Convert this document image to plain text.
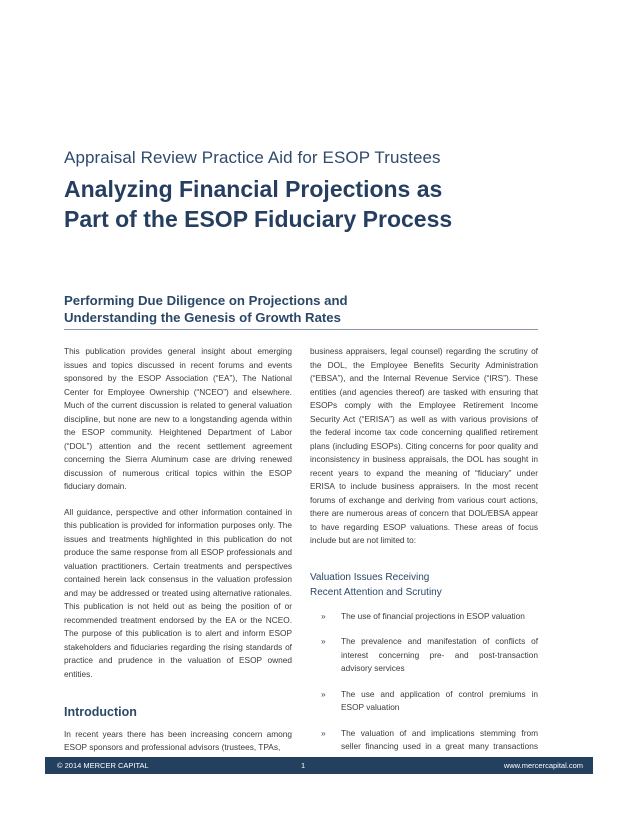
Appraisal Review Practice Aid for ESOP Trustees
Analyzing Financial Projections as
Part of the ESOP Fiduciary Process
Performing Due Diligence on Projections and
Understanding the Genesis of Growth Rates

This publication provides general insight about emerging issues and topics discussed in recent forums and events sponsored by the ESOP Association (“EA”), The National Center for Employee Ownership (“NCEO”) and elsewhere. Much of the current discussion is related to general valuation discipline, but none are new to a longstanding agenda within the ESOP community. Heightened Department of Labor (“DOL”) attention and the recent settlement agreement concerning the Sierra Aluminum case are driving renewed discussion of numerous critical topics within the ESOP fiduciary domain.

All guidance, perspective and other information contained in this publication is provided for information purposes only. The issues and treatments highlighted in this publication do not produce the same response from all ESOP professionals and valuation practitioners. Certain treatments and perspectives contained herein lack consensus in the valuation profession and may be addressed or treated using alternative rationales. This publication is not held out as being the position of or recommended treatment endorsed by the EA or the NCEO. The purpose of this publication is to alert and inform ESOP stakeholders and fiduciaries regarding the rising standards of practice and prudence in the valuation of ESOP owned entities.

Introduction

In recent years there has been increasing concern among ESOP sponsors and professional advisors (trustees, TPAs,

business appraisers, legal counsel) regarding the scrutiny of the DOL, the Employee Benefits Security Administration (“EBSA”), and the Internal Revenue Service (“IRS”). These entities (and agencies thereof) are tasked with ensuring that ESOPs comply with the Employee Retirement Income Security Act (“ERISA”) as well as with various provisions of the federal income tax code concerning qualified retirement plans (including ESOPs). Citing concerns for poor quality and inconsistency in business appraisals, the DOL has sought in recent years to expand the meaning of “fiduciary” under ERISA to include business appraisers. In the most recent forums of exchange and deriving from various court actions, there are numerous areas of concern that DOL/EBSA appear to have regarding ESOP valuations. These areas of focus include but are not limited to:

Valuation Issues Receiving
Recent Attention and Scrutiny
» The use of financial projections in ESOP valuation
» The prevalence and manifestation of conflicts of interest concerning pre- and post-transaction advisory services
» The use and application of control premiums in ESOP valuation
» The valuation of and implications stemming from seller financing used in a great many transactions
© 2014 MERCER CAPITAL	1	www.mercercapital.com
